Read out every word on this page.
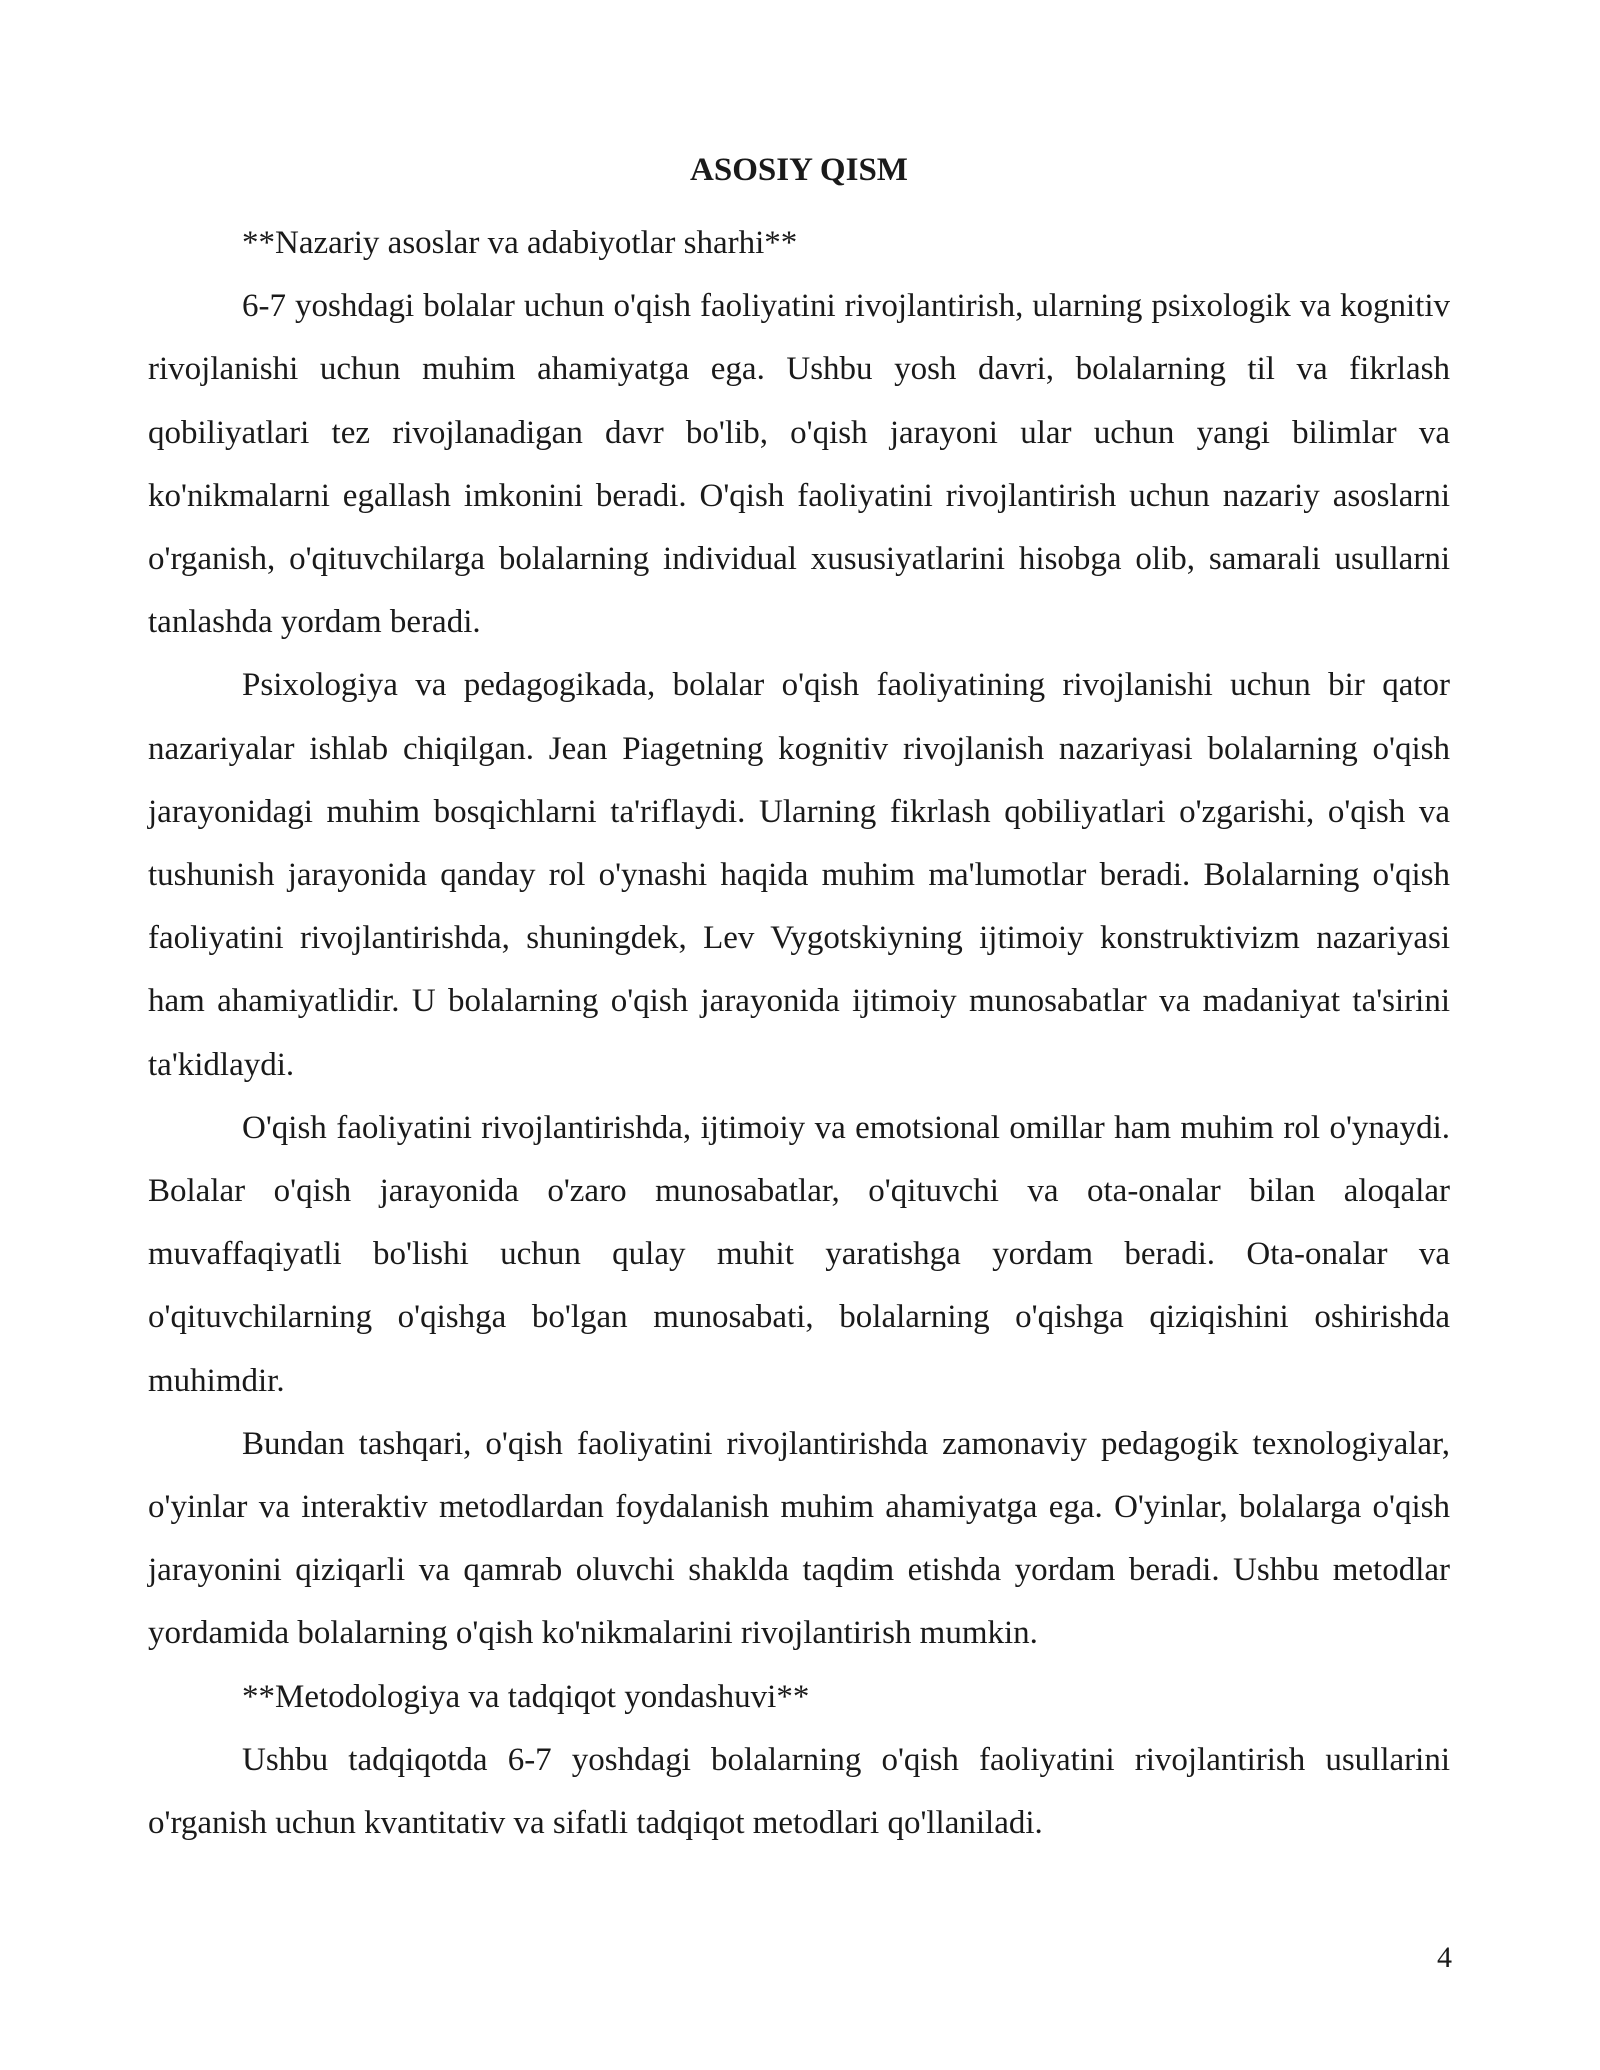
ASOSIY QISM

**Nazariy asoslar va adabiyotlar sharhi**

6-7 yoshdagi bolalar uchun o'qish faoliyatini rivojlantirish, ularning psixologik va kognitiv rivojlanishi uchun muhim ahamiyatga ega. Ushbu yosh davri, bolalarning til va fikrlash qobiliyatlari tez rivojlanadigan davr bo'lib, o'qish jarayoni ular uchun yangi bilimlar va ko'nikmalarni egallash imkonini beradi. O'qish faoliyatini rivojlantirish uchun nazariy asoslarni o'rganish, o'qituvchilarga bolalarning individual xususiyatlarini hisobga olib, samarali usullarni tanlashda yordam beradi.

Psixologiya va pedagogikada, bolalar o'qish faoliyatining rivojlanishi uchun bir qator nazariyalar ishlab chiqilgan. Jean Piagetning kognitiv rivojlanish nazariyasi bolalarning o'qish jarayonidagi muhim bosqichlarni ta'riflaydi. Ularning fikrlash qobiliyatlari o'zgarishi, o'qish va tushunish jarayonida qanday rol o'ynashi haqida muhim ma'lumotlar beradi. Bolalarning o'qish faoliyatini rivojlantirishda, shuningdek, Lev Vygotskiyning ijtimoiy konstruktivizm nazariyasi ham ahamiyatlidir. U bolalarning o'qish jarayonida ijtimoiy munosabatlar va madaniyat ta'sirini ta'kidlaydi.

O'qish faoliyatini rivojlantirishda, ijtimoiy va emotsional omillar ham muhim rol o'ynaydi. Bolalar o'qish jarayonida o'zaro munosabatlar, o'qituvchi va ota-onalar bilan aloqalar muvaffaqiyatli bo'lishi uchun qulay muhit yaratishga yordam beradi. Ota-onalar va o'qituvchilarning o'qishga bo'lgan munosabati, bolalarning o'qishga qiziqishini oshirishda muhimdir.

Bundan tashqari, o'qish faoliyatini rivojlantirishda zamonaviy pedagogik texnologiyalar, o'yinlar va interaktiv metodlardan foydalanish muhim ahamiyatga ega. O'yinlar, bolalarga o'qish jarayonini qiziqarli va qamrab oluvchi shaklda taqdim etishda yordam beradi. Ushbu metodlar yordamida bolalarning o'qish ko'nikmalarini rivojlantirish mumkin.

**Metodologiya va tadqiqot yondashuvi**

Ushbu tadqiqotda 6-7 yoshdagi bolalarning o'qish faoliyatini rivojlantirish usullarini o'rganish uchun kvantitativ va sifatli tadqiqot metodlari qo'llaniladi.

4
